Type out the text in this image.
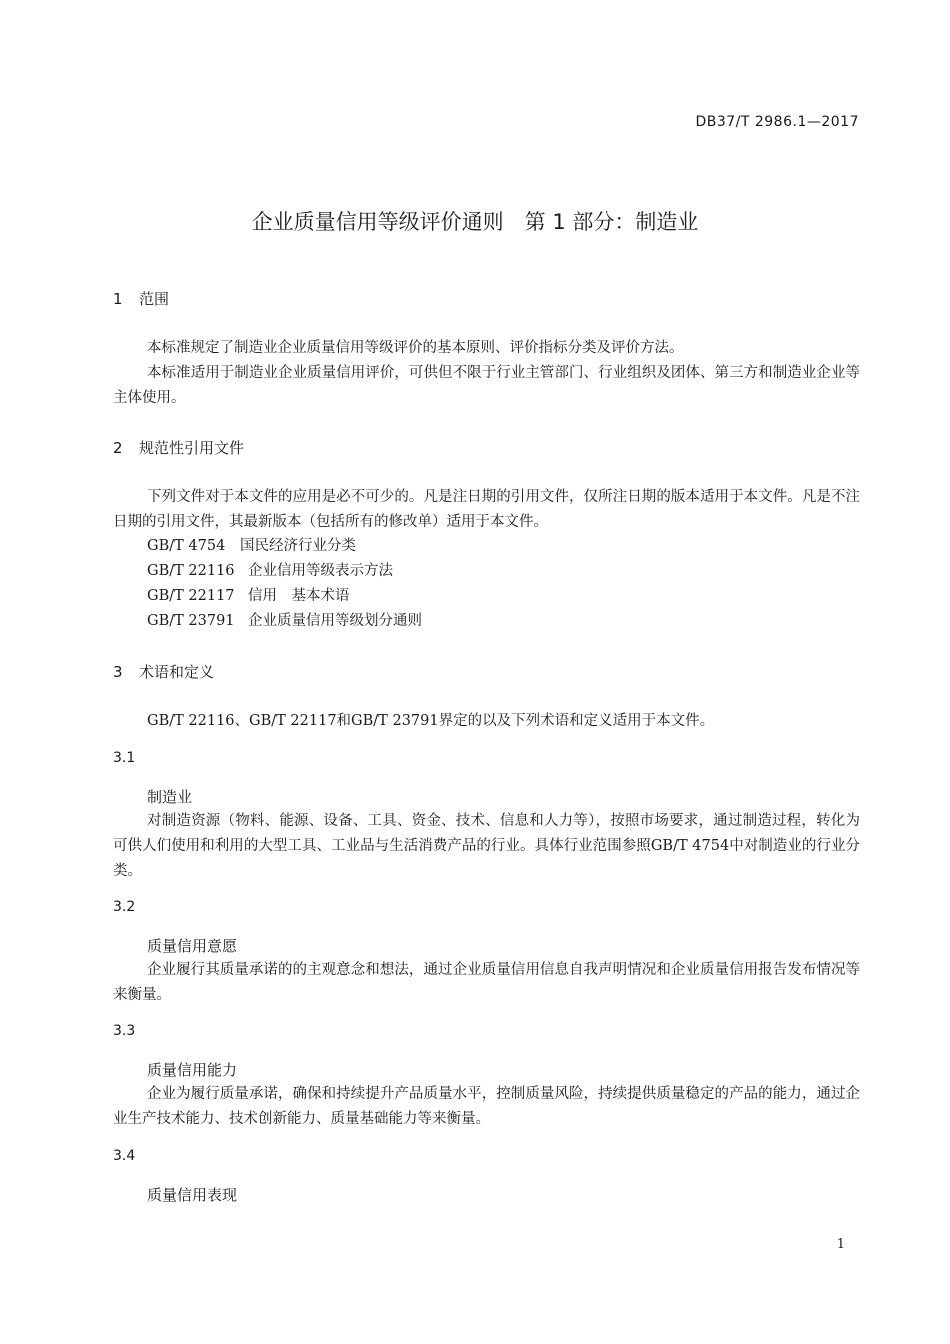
DB37/T 2986.1—2017
企业质量信用等级评价通则　第 1 部分：制造业
1 范围
本标准规定了制造业企业质量信用等级评价的基本原则、评价指标分类及评价方法。
本标准适用于制造业企业质量信用评价，可供但不限于行业主管部门、行业组织及团体、第三方和制造业企业等主体使用。
2 规范性引用文件
下列文件对于本文件的应用是必不可少的。凡是注日期的引用文件，仅所注日期的版本适用于本文件。凡是不注日期的引用文件，其最新版本（包括所有的修改单）适用于本文件。
GB/T 4754 国民经济行业分类
GB/T 22116 企业信用等级表示方法
GB/T 22117 信用　基本术语
GB/T 23791 企业质量信用等级划分通则
3 术语和定义
GB/T 22116、GB/T 22117和GB/T 23791界定的以及下列术语和定义适用于本文件。
3.1
制造业
对制造资源（物料、能源、设备、工具、资金、技术、信息和人力等），按照市场要求，通过制造过程，转化为可供人们使用和利用的大型工具、工业品与生活消费产品的行业。具体行业范围参照GB/T 4754中对制造业的行业分类。
3.2
质量信用意愿
企业履行其质量承诺的的主观意念和想法，通过企业质量信用信息自我声明情况和企业质量信用报告发布情况等来衡量。
3.3
质量信用能力
企业为履行质量承诺，确保和持续提升产品质量水平，控制质量风险，持续提供质量稳定的产品的能力，通过企业生产技术能力、技术创新能力、质量基础能力等来衡量。
3.4
质量信用表现
1
